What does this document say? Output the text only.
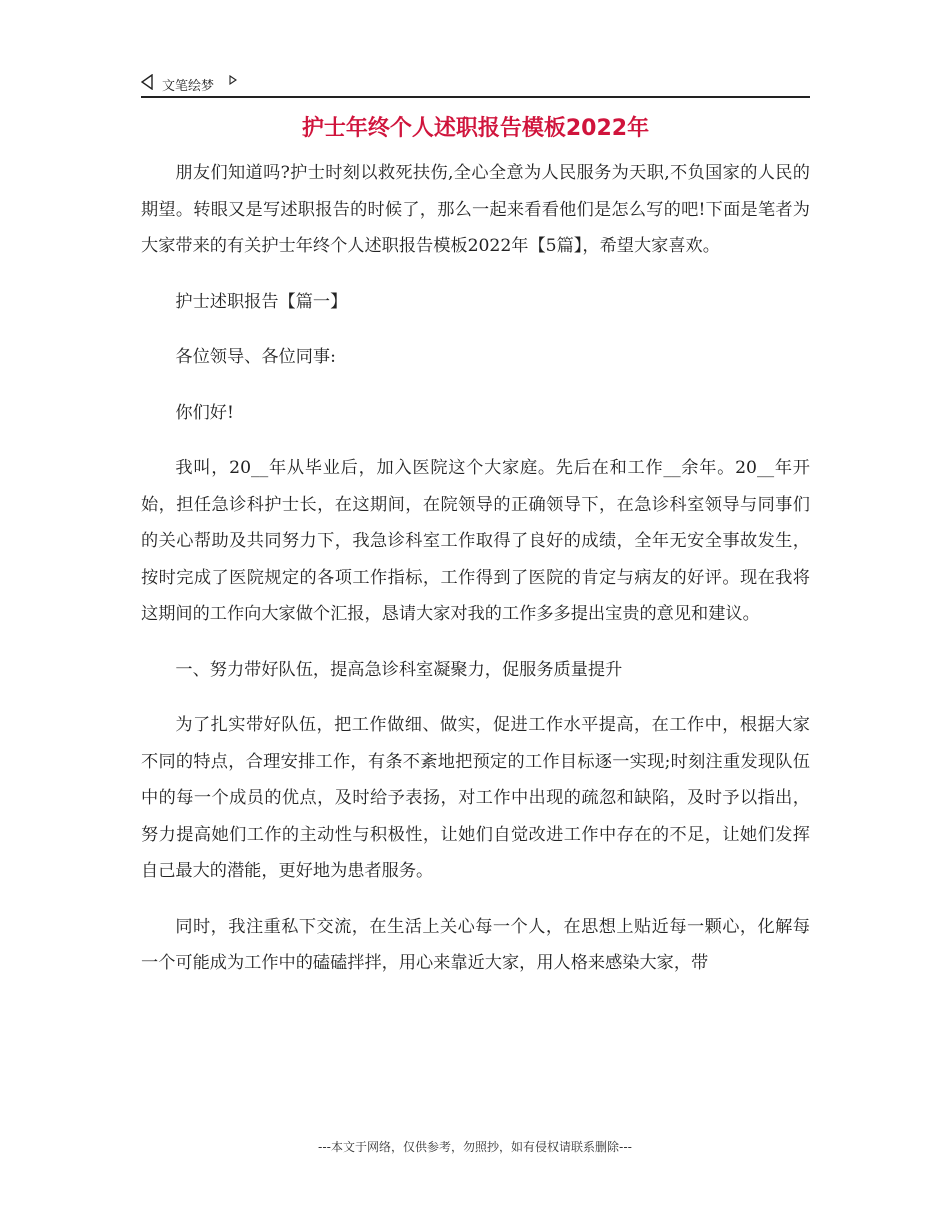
文笔绘梦
护士年终个人述职报告模板2022年

朋友们知道吗?护士时刻以救死扶伤,全心全意为人民服务为天职,不负国家的人民的期望。转眼又是写述职报告的时候了，那么一起来看看他们是怎么写的吧!下面是笔者为大家带来的有关护士年终个人述职报告模板2022年【5篇】，希望大家喜欢。

护士述职报告【篇一】

各位领导、各位同事:

你们好!

我叫，20__年从毕业后，加入医院这个大家庭。先后在和工作__余年。20__年开始，担任急诊科护士长，在这期间，在院领导的正确领导下，在急诊科室领导与同事们的关心帮助及共同努力下，我急诊科室工作取得了良好的成绩，全年无安全事故发生，按时完成了医院规定的各项工作指标，工作得到了医院的肯定与病友的好评。现在我将这期间的工作向大家做个汇报，恳请大家对我的工作多多提出宝贵的意见和建议。

一、努力带好队伍，提高急诊科室凝聚力，促服务质量提升

为了扎实带好队伍，把工作做细、做实，促进工作水平提高，在工作中，根据大家不同的特点，合理安排工作，有条不紊地把预定的工作目标逐一实现;时刻注重发现队伍中的每一个成员的优点，及时给予表扬，对工作中出现的疏忽和缺陷，及时予以指出，努力提高她们工作的主动性与积极性，让她们自觉改进工作中存在的不足，让她们发挥自己最大的潜能，更好地为患者服务。

同时，我注重私下交流，在生活上关心每一个人，在思想上贴近每一颗心，化解每一个可能成为工作中的磕磕拌拌，用心来靠近大家，用人格来感染大家，带

---本文于网络，仅供参考，勿照抄，如有侵权请联系删除---
